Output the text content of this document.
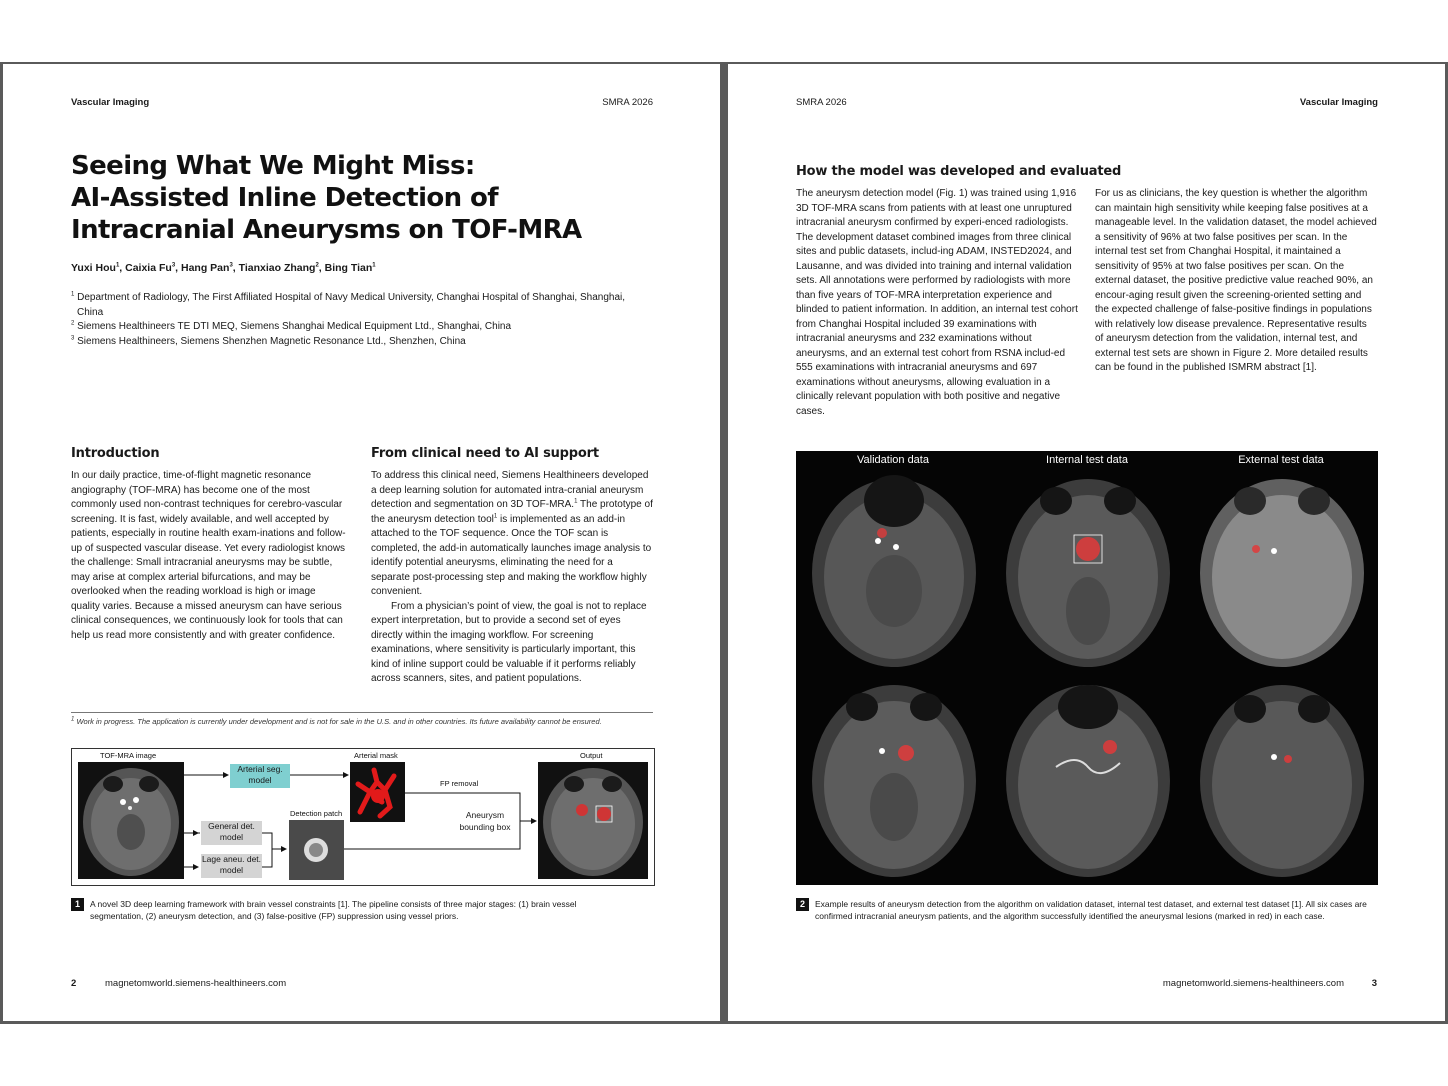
Vascular Imaging	SMRA 2026
Seeing What We Might Miss:
AI-Assisted Inline Detection of
Intracranial Aneurysms on TOF-MRA
Yuxi Hou$^1$, Caixia Fu$^3$, Hang Pan$^3$, Tianxiao Zhang$^2$, Bing Tian$^1$
$^1$ Department of Radiology, The First Affiliated Hospital of Navy Medical University, Changhai Hospital of Shanghai, Shanghai, China
$^2$ Siemens Healthineers TE DTI MEQ, Siemens Shanghai Medical Equipment Ltd., Shanghai, China
$^3$ Siemens Healthineers, Siemens Shenzhen Magnetic Resonance Ltd., Shenzhen, China
Introduction
In our daily practice, time-of-flight magnetic resonance angiography (TOF-MRA) has become one of the most commonly used non-contrast techniques for cerebro-vascular screening. It is fast, widely available, and well accepted by patients, especially in routine health exam-inations and follow-up of suspected vascular disease. Yet every radiologist knows the challenge: Small intracranial aneurysms may be subtle, may arise at complex arterial bifurcations, and may be overlooked when the reading workload is high or image quality varies. Because a missed aneurysm can have serious clinical consequences, we continuously look for tools that can help us read more consistently and with greater confidence.
From clinical need to AI support

To address this clinical need, Siemens Healthineers developed a deep learning solution for automated intra-cranial aneurysm detection and segmentation on 3D TOF-MRA.$^1$ The prototype of the aneurysm detection tool$^1$ is implemented as an add-in attached to the TOF sequence. Once the TOF scan is completed, the add-in automatically launches image analysis to identify potential aneurysms, eliminating the need for a separate post-processing step and making the workflow highly convenient.

From a physician’s point of view, the goal is not to replace expert interpretation, but to provide a second set of eyes directly within the imaging workflow. For screening examinations, where sensitivity is particularly important, this kind of inline support could be valuable if it performs reliably across scanners, sites, and patient populations.

$^1$ Work in progress. The application is currently under development and is not for sale in the U.S. and in other countries. Its future availability cannot be ensured.
TOF-MRA image
Arterial seg. model
Arterial mask
FP removal
General det. model
Lage aneu. det. model
Detection patch	Aneurysm bounding box
Output
1	A novel 3D deep learning framework with brain vessel constraints [1]. The pipeline consists of three major stages: (1) brain vessel segmentation, (2) aneurysm detection, and (3) false-positive (FP) suppression using vessel priors.
2	magnetomworld.siemens-healthineers.com
SMRA 2026	Vascular Imaging
How the model was developed and evaluated
The aneurysm detection model (Fig. 1) was trained using 1,916 3D TOF-MRA scans from patients with at least one unruptured intracranial aneurysm confirmed by experi-enced radiologists. The development dataset combined images from three clinical sites and public datasets, includ-ing ADAM, INSTED2024, and Lausanne, and was divided into training and internal validation sets. All annotations were performed by radiologists with more than five years of TOF-MRA interpretation experience and blinded to patient information. In addition, an internal test cohort from Changhai Hospital included 39 examinations with intracranial aneurysms and 232 examinations without aneurysms, and an external test cohort from RSNA includ-ed 555 examinations with intracranial aneurysms and 697 examinations without aneurysms, allowing evaluation in a clinically relevant population with both positive and negative cases.
For us as clinicians, the key question is whether the algorithm can maintain high sensitivity while keeping false positives at a manageable level. In the validation dataset, the model achieved a sensitivity of 96% at two false positives per scan. In the internal test set from Changhai Hospital, it maintained a sensitivity of 95% at two false positives per scan. On the external dataset, the positive predictive value reached 90%, an encour-aging result given the screening-oriented setting and the expected challenge of false-positive findings in populations with relatively low disease prevalence. Representative results of aneurysm detection from the validation, internal test, and external test sets are shown in Figure 2. More detailed results can be found in the published ISMRM abstract [1].
Validation data	Internal test data	External test data
2	Example results of aneurysm detection from the algorithm on validation dataset, internal test dataset, and external test dataset [1]. All six cases are confirmed intracranial aneurysm patients, and the algorithm successfully identified the aneurysmal lesions (marked in red) in each case.
magnetomworld.siemens-healthineers.com	3
